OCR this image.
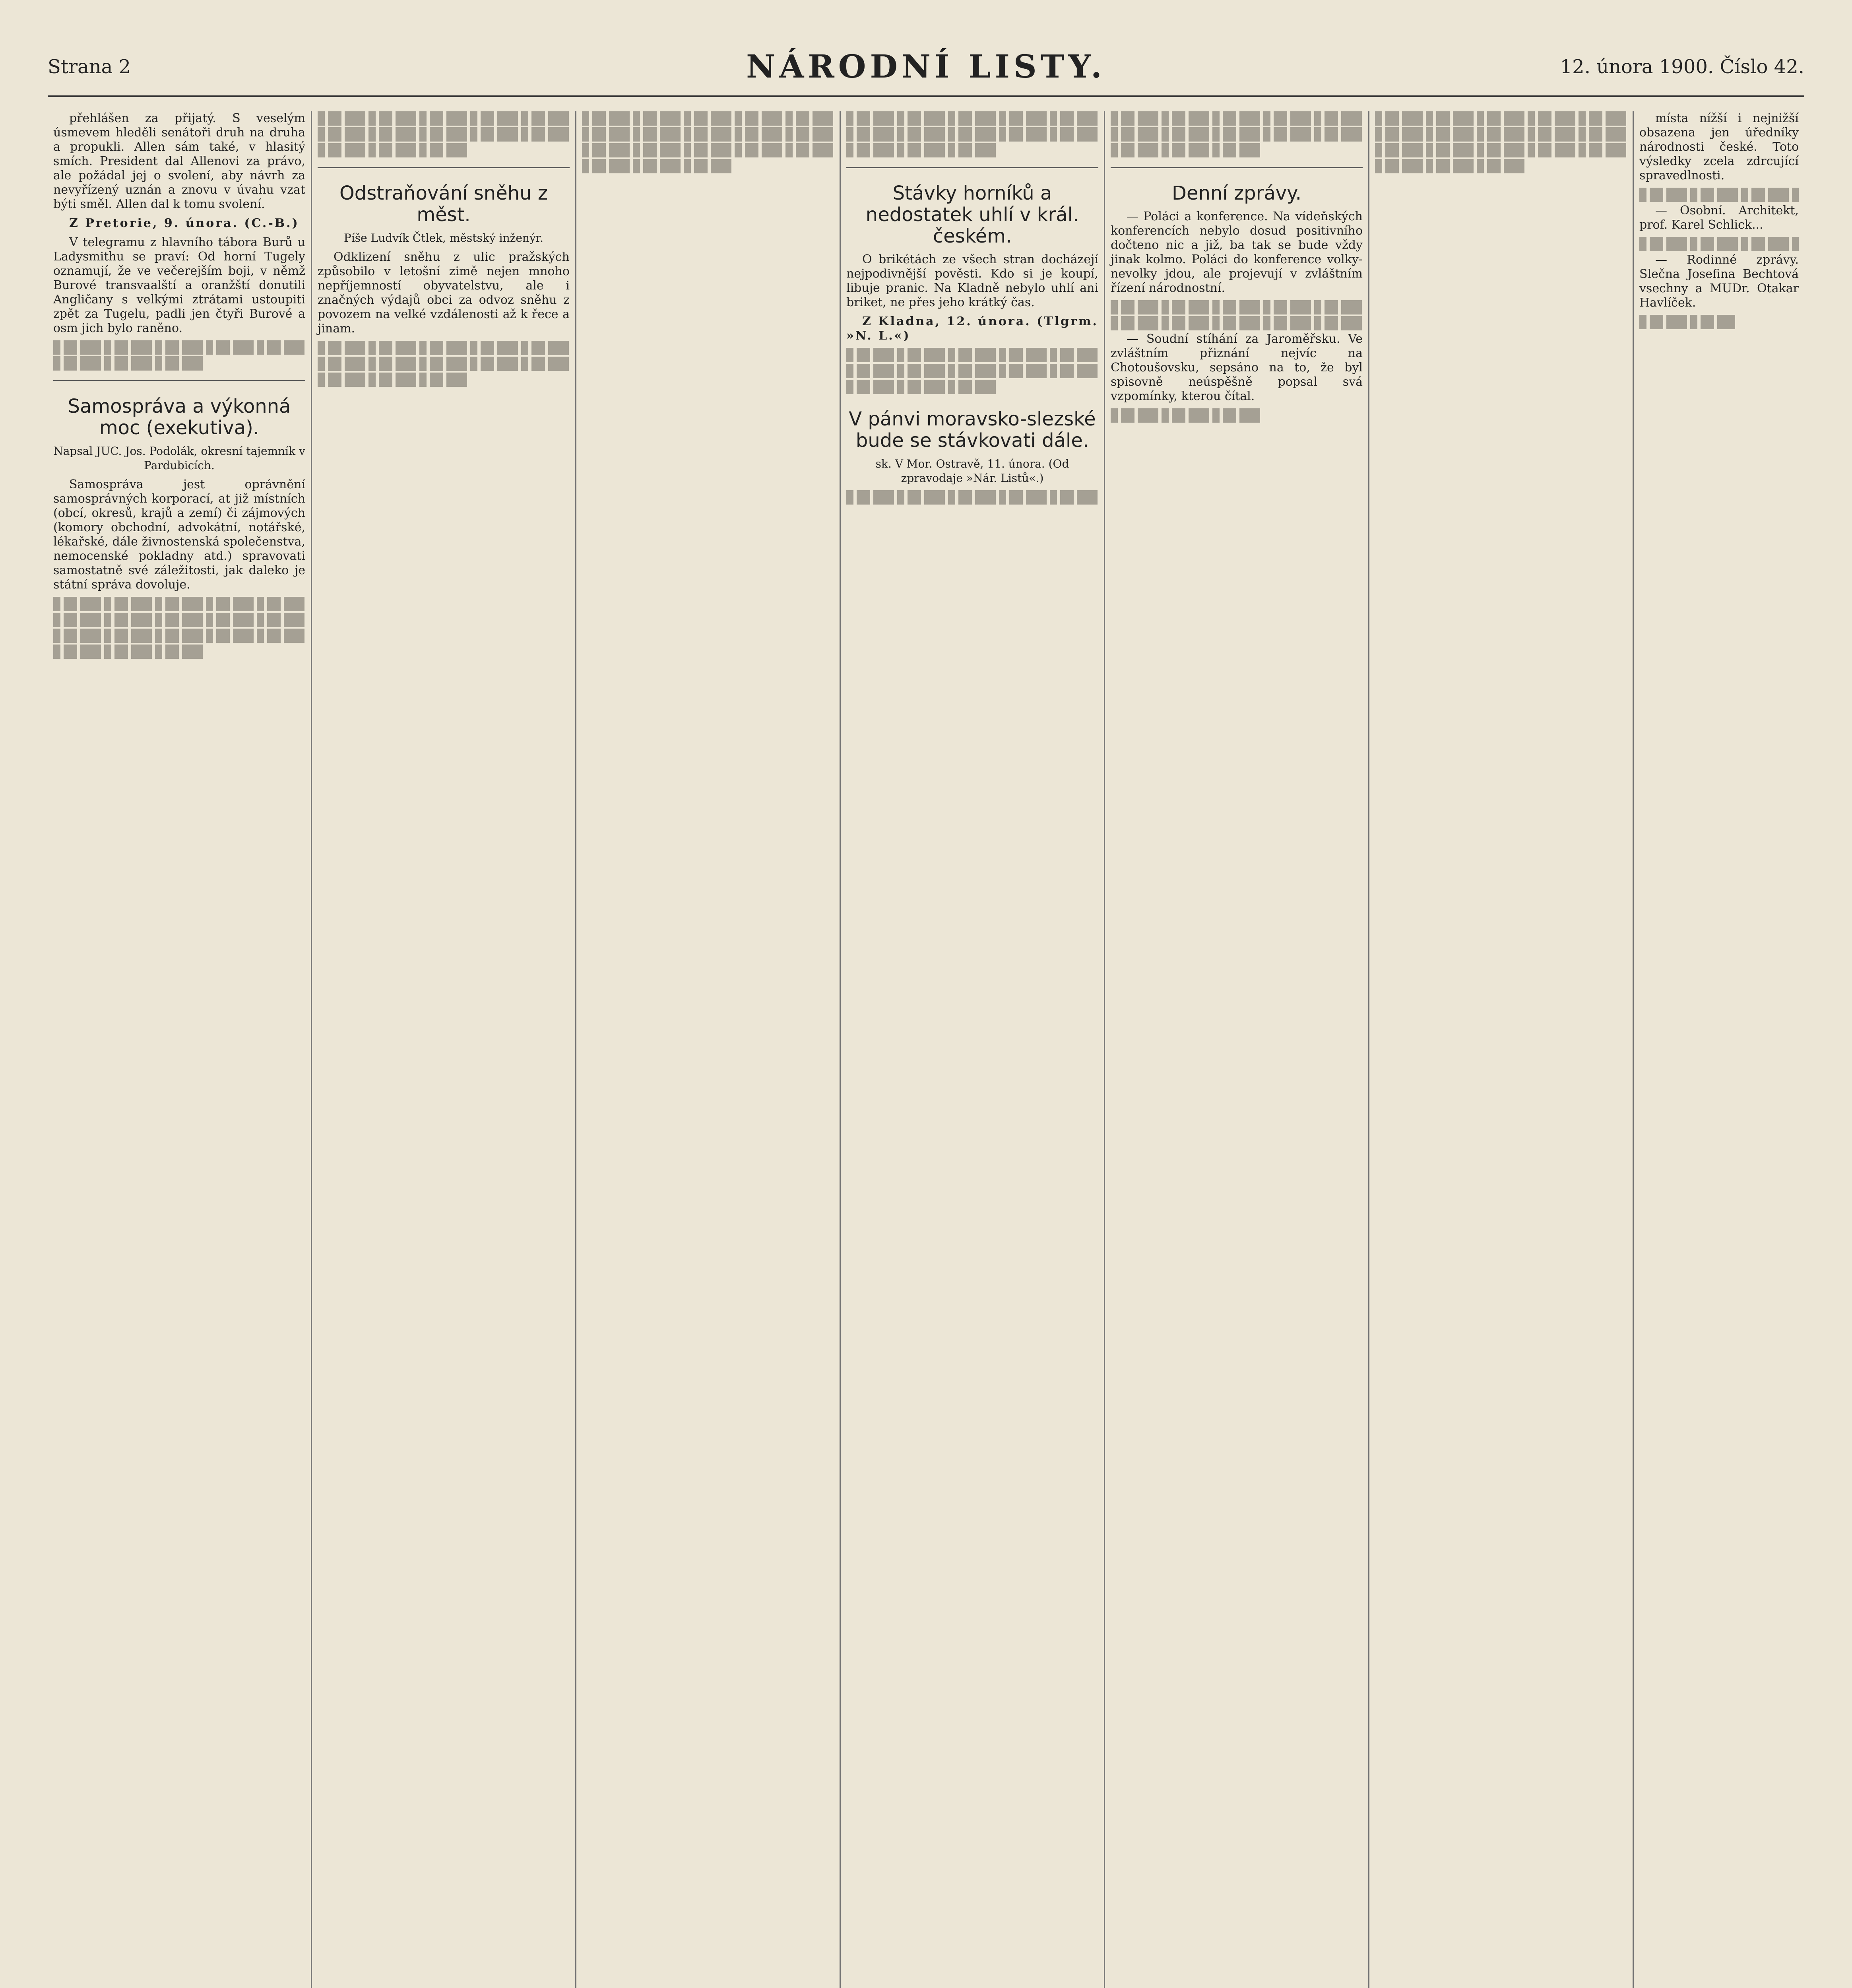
Strana 2	NÁRODNÍ LISTY.	12. února 1900. Číslo 42.

přehlášen za přijatý. S veselým úsmevem hleděli senátoři druh na druha a propukli. Allen sám také, v hlasitý smích. President dal Allenovi za právo, ale požádal jej o svolení, aby návrh za nevyřízený uznán a znovu v úvahu vzat býti směl. Allen dal k tomu svolení.

Z Pretorie, 9. února. (C.-B.)

V telegramu z hlavního tábora Burů u Ladysmithu se praví: Od horní Tugely oznamují, že ve večerejším boji, v němž Burové transvaalští a oranžští donutili Angličany s velkými ztrátami ustoupiti zpět za Tugelu, padli jen čtyři Burové a osm jich bylo raněno.

Samospráva a výkonná moc (exekutiva).
Napsal JUC. Jos. Podolák, okresní tajemník v Pardubicích.

Samospráva jest oprávnění samosprávných korporací, at již místních (obcí, okresů, krajů a zemí) či zájmových (komory obchodní, advokátní, notářské, lékařské, dále živnostenská společenstva, nemocenské pokladny atd.) spravovati samostatně své záležitosti, jak daleko je státní správa dovoluje.

Odstraňování sněhu z měst.
Píše Ludvík Čtlek, městský inženýr.

Odklizení sněhu z ulic pražských způsobilo v letošní zimě nejen mnoho nepříjemností obyvatelstvu, ale i značných výdajů obci za odvoz sněhu z povozem na velké vzdálenosti až k řece a jinam.

Stávky horníků a nedostatek uhlí v král. českém.

O brikétách ze všech stran docházejí nejpodivnější pověsti. Kdo si je koupí, libuje pranic. Na Kladně nebylo uhlí ani briket, ne přes jeho krátký čas.

Z Kladna, 12. února. (Tlgrm. »N. L.«)

V pánvi moravsko-slezské bude se stávkovati dále.
sk. V Mor. Ostravě, 11. února. (Od zpravodaje »Nár. Listů«.)
Denní zprávy.

— Poláci a konference. Na vídeňských konferencích nebylo dosud positivního dočteno nic a již, ba tak se bude vždy jinak kolmo. Poláci do konference volky-nevolky jdou, ale projevují v zvláštním řízení národnostní.

— Soudní stíhání za Jaroměřsku. Ve zvláštním přiznání nejvíc na Chotoušovsku, sepsáno na to, že byl spisovně neúspěšně popsal svá vzpomínky, kterou čítal.

místa nížší i nejnižší obsazena jen úředníky národnosti české. Toto výsledky zcela zdrcující spravedlnosti.

— Osobní. Architekt, prof. Karel Schlick...

— Rodinné zprávy. Slečna Josefina Bechtová vsechny a MUDr. Otakar Havlíček.
